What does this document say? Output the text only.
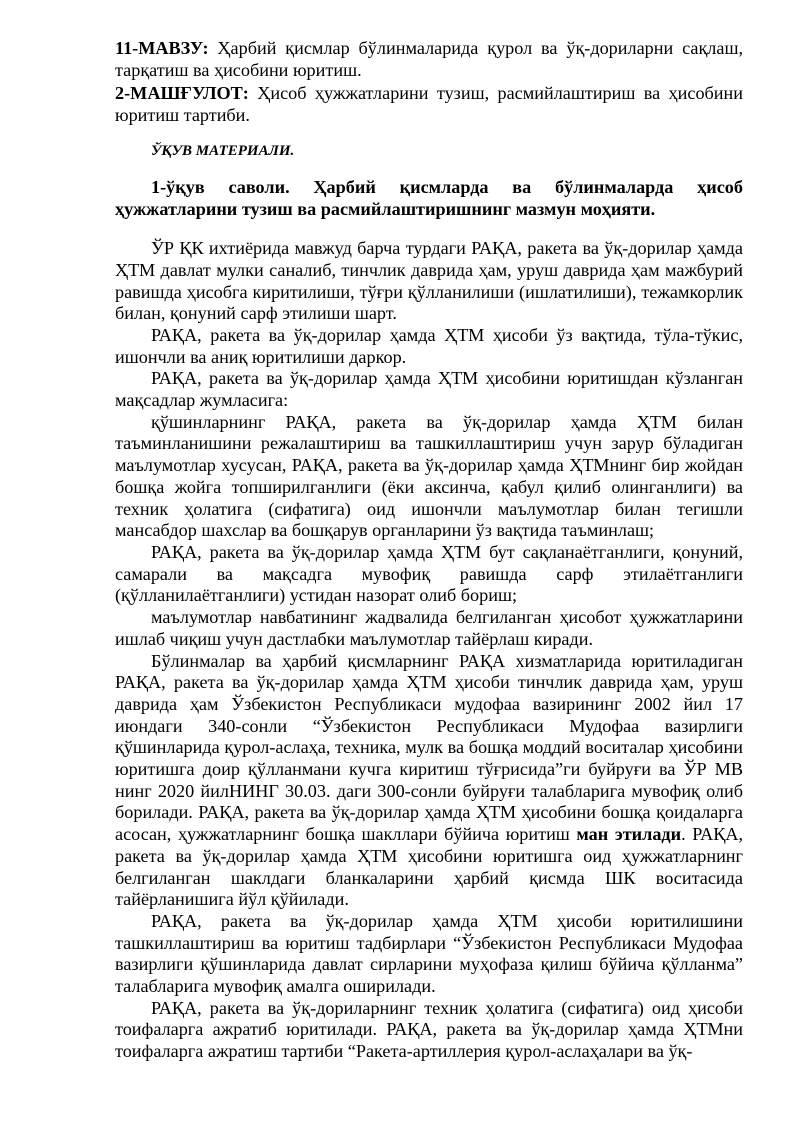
11-МАВЗУ: Ҳарбий қисмлар бўлинмаларида қурол ва ўқ-дориларни сақлаш, тарқатиш ва ҳисобини юритиш.

2-МАШҒУЛОТ: Ҳисоб ҳужжатларини тузиш, расмийлаштириш ва ҳисобини юритиш тартиби.

ЎҚУВ МАТЕРИАЛИ.

1-ўқув саволи. Ҳарбий қисмларда ва бўлинмаларда ҳисоб ҳужжатларини тузиш ва расмийлаштиришнинг мазмун моҳияти.

ЎР ҚК ихтиёрида мавжуд барча турдаги РАҚА, ракета ва ўқ-дорилар ҳамда ҲТМ давлат мулки саналиб, тинчлик даврида ҳам, уруш даврида ҳам мажбурий равишда ҳисобга киритилиши, тўғри қўлланилиши (ишлатилиши), тежамкорлик билан, қонуний сарф этилиши шарт.

РАҚА, ракета ва ўқ-дорилар ҳамда ҲТМ ҳисоби ўз вақтида, тўла-тўкис, ишончли ва аниқ юритилиши даркор.

РАҚА, ракета ва ўқ-дорилар ҳамда ҲТМ ҳисобини юритишдан кўзланган мақсадлар жумласига:

қўшинларнинг РАҚА, ракета ва ўқ-дорилар ҳамда ҲТМ билан таъминланишини режалаштириш ва ташкиллаштириш учун зарур бўладиган маълумотлар хусусан, РАҚА, ракета ва ўқ-дорилар ҳамда ҲТМнинг бир жойдан бошқа жойга топширилганлиги (ёки аксинча, қабул қилиб олинганлиги) ва техник ҳолатига (сифатига) оид ишончли маълумотлар билан тегишли мансабдор шахслар ва бошқарув органларини ўз вақтида таъминлаш;

РАҚА, ракета ва ўқ-дорилар ҳамда ҲТМ бут сақланаётганлиги, қонуний, самарали ва мақсадга мувофиқ равишда сарф этилаётганлиги (қўлланилаётганлиги) устидан назорат олиб бориш;

маълумотлар навбатининг жадвалида белгиланган ҳисобот ҳужжатларини ишлаб чиқиш учун дастлабки маълумотлар тайёрлаш киради.

Бўлинмалар ва ҳарбий қисмларнинг РАҚА хизматларида юритиладиган РАҚА, ракета ва ўқ-дорилар ҳамда ҲТМ ҳисоби тинчлик даврида ҳам, уруш даврида ҳам Ўзбекистон Республикаси мудофаа вазирининг 2002 йил 17 июндаги 340-сонли “Ўзбекистон Республикаси Мудофаа вазирлиги қўшинларида қурол-аслаҳа, техника, мулк ва бошқа моддий воситалар ҳисобини юритишга доир қўлланмани кучга киритиш тўғрисида”ги буйруғи ва ЎР МВ нинг 2020 йилНИНГ 30.03. даги 300-сонли буйруғи талабларига мувофиқ олиб борилади. РАҚА, ракета ва ўқ-дорилар ҳамда ҲТМ ҳисобини бошқа қоидаларга асосан, ҳужжатларнинг бошқа шакллари бўйича юритиш ман этилади. РАҚА, ракета ва ўқ-дорилар ҳамда ҲТМ ҳисобини юритишга оид ҳужжатларнинг белгиланган шаклдаги бланкаларини ҳарбий қисмда ШК воситасида тайёрланишига йўл қўйилади.

РАҚА, ракета ва ўқ-дорилар ҳамда ҲТМ ҳисоби юритилишини ташкиллаштириш ва юритиш тадбирлари “Ўзбекистон Республикаси Мудофаа вазирлиги қўшинларида давлат сирларини муҳофаза қилиш бўйича қўлланма” талабларига мувофиқ амалга оширилади.

РАҚА, ракета ва ўқ-дориларнинг техник ҳолатига (сифатига) оид ҳисоби тоифаларга ажратиб юритилади. РАҚА, ракета ва ўқ-дорилар ҳамда ҲТМни тоифаларга ажратиш тартиби “Ракета-артиллерия қурол-аслаҳалари ва ўқ-
